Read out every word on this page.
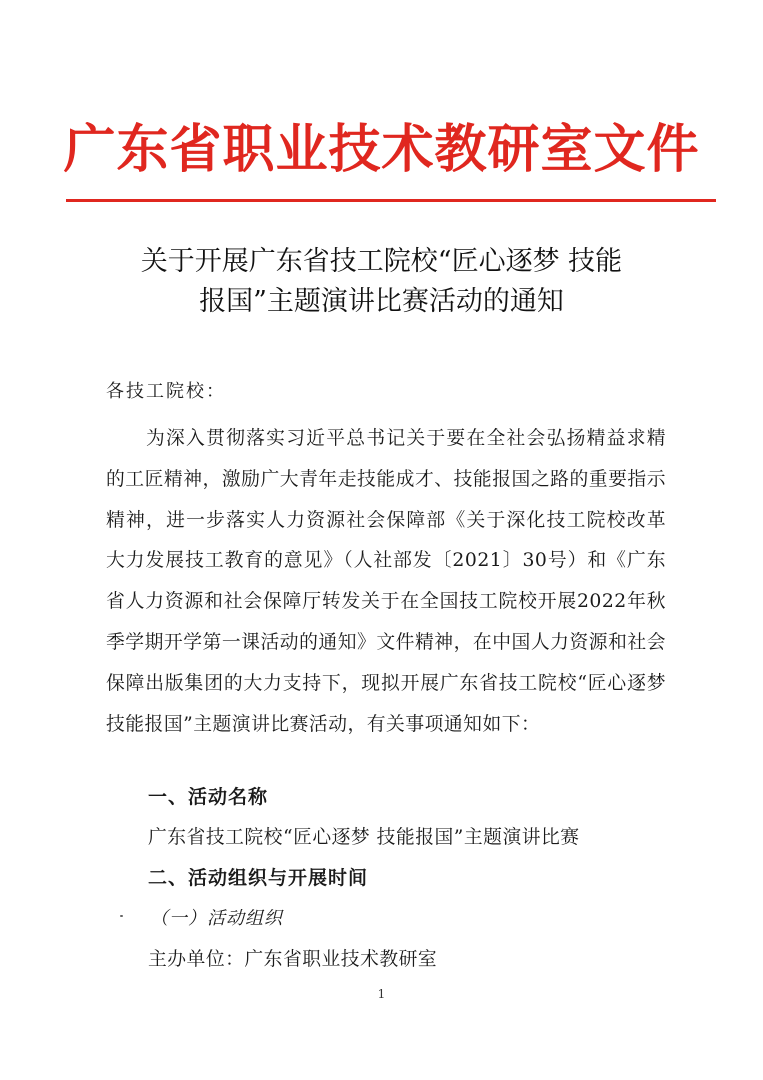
广东省职业技术教研室文件
关于开展广东省技工院校“匠心逐梦 技能
报国”主题演讲比赛活动的通知
各技工院校：
为深入贯彻落实习近平总书记关于要在全社会弘扬精益求精的工匠精神，激励广大青年走技能成才、技能报国之路的重要指示精神，进一步落实人力资源社会保障部《关于深化技工院校改革 大力发展技工教育的意见》（人社部发〔2021〕30号）和《广东省人力资源和社会保障厅转发关于在全国技工院校开展2022年秋季学期开学第一课活动的通知》文件精神，在中国人力资源和社会保障出版集团的大力支持下，现拟开展广东省技工院校“匠心逐梦 技能报国”主题演讲比赛活动，有关事项通知如下：
一、活动名称
广东省技工院校“匠心逐梦 技能报国”主题演讲比赛
二、活动组织与开展时间
（一）活动组织
主办单位：广东省职业技术教研室
1
